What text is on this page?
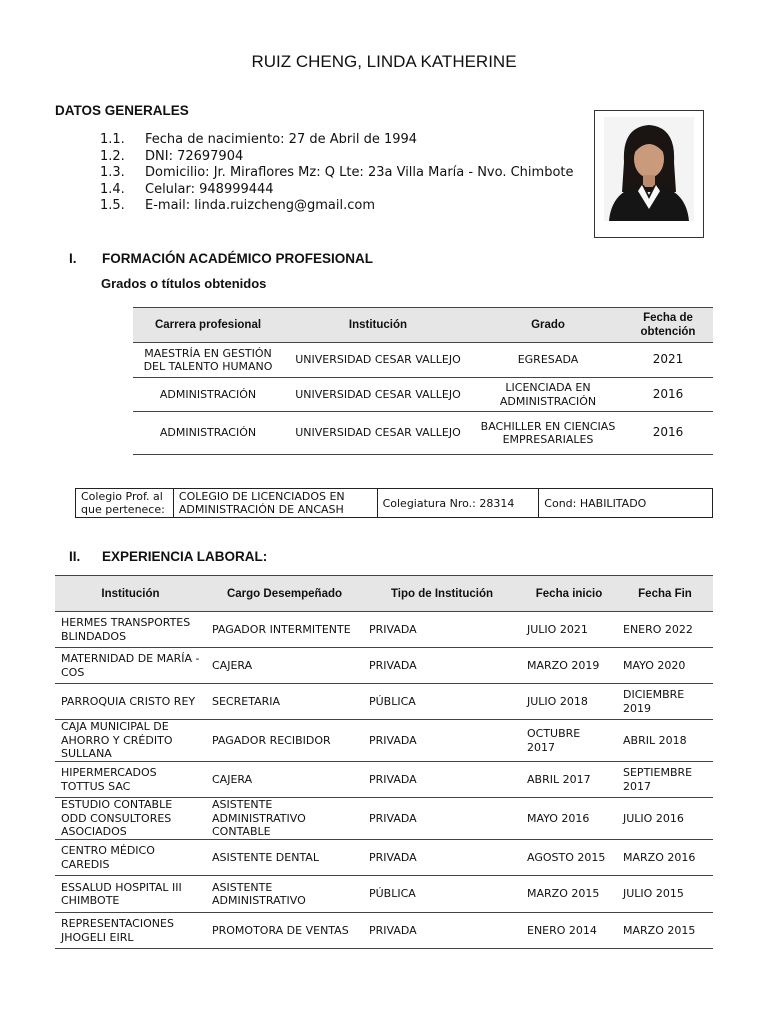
RUIZ CHENG, LINDA KATHERINE
DATOS GENERALES
1.1.	Fecha de nacimiento: 27 de Abril de 1994
1.2.	DNI: 72697904
1.3.	Domicilio: Jr. Miraflores Mz: Q Lte: 23a Villa María - Nvo. Chimbote
1.4.	Celular: 948999444
1.5.	E-mail: linda.ruizcheng@gmail.com
I. FORMACIÓN ACADÉMICO PROFESIONAL
Grados o títulos obtenidos
Carrera profesional	Institución	Grado	Fecha de obtención
MAESTRÍA EN GESTIÓN DEL TALENTO HUMANO	UNIVERSIDAD CESAR VALLEJO	EGRESADA	2021
ADMINISTRACIÓN	UNIVERSIDAD CESAR VALLEJO	LICENCIADA EN ADMINISTRACIÓN	2016
ADMINISTRACIÓN	UNIVERSIDAD CESAR VALLEJO	BACHILLER EN CIENCIAS EMPRESARIALES	2016
Colegio Prof. al que pertenece:	COLEGIO DE LICENCIADOS EN ADMINISTRACIÓN DE ANCASH	Colegiatura Nro.: 28314	Cond: HABILITADO
II. EXPERIENCIA LABORAL:
Institución	Cargo Desempeñado	Tipo de Institución	Fecha inicio	Fecha Fin
HERMES TRANSPORTES BLINDADOS	PAGADOR INTERMITENTE	PRIVADA	JULIO 2021	ENERO 2022
MATERNIDAD DE MARÍA - COS	CAJERA	PRIVADA	MARZO 2019	MAYO 2020
PARROQUIA CRISTO REY	SECRETARIA	PÚBLICA	JULIO 2018	DICIEMBRE 2019
CAJA MUNICIPAL DE AHORRO Y CRÉDITO SULLANA	PAGADOR RECIBIDOR	PRIVADA	OCTUBRE 2017	ABRIL 2018
HIPERMERCADOS TOTTUS SAC	CAJERA	PRIVADA	ABRIL 2017	SEPTIEMBRE 2017
ESTUDIO CONTABLE ODD CONSULTORES ASOCIADOS	ASISTENTE ADMINISTRATIVO CONTABLE	PRIVADA	MAYO 2016	JULIO 2016
CENTRO MÉDICO CAREDIS	ASISTENTE DENTAL	PRIVADA	AGOSTO 2015	MARZO 2016
ESSALUD HOSPITAL III CHIMBOTE	ASISTENTE ADMINISTRATIVO	PÚBLICA	MARZO 2015	JULIO 2015
REPRESENTACIONES JHOGELI EIRL	PROMOTORA DE VENTAS	PRIVADA	ENERO 2014	MARZO 2015
